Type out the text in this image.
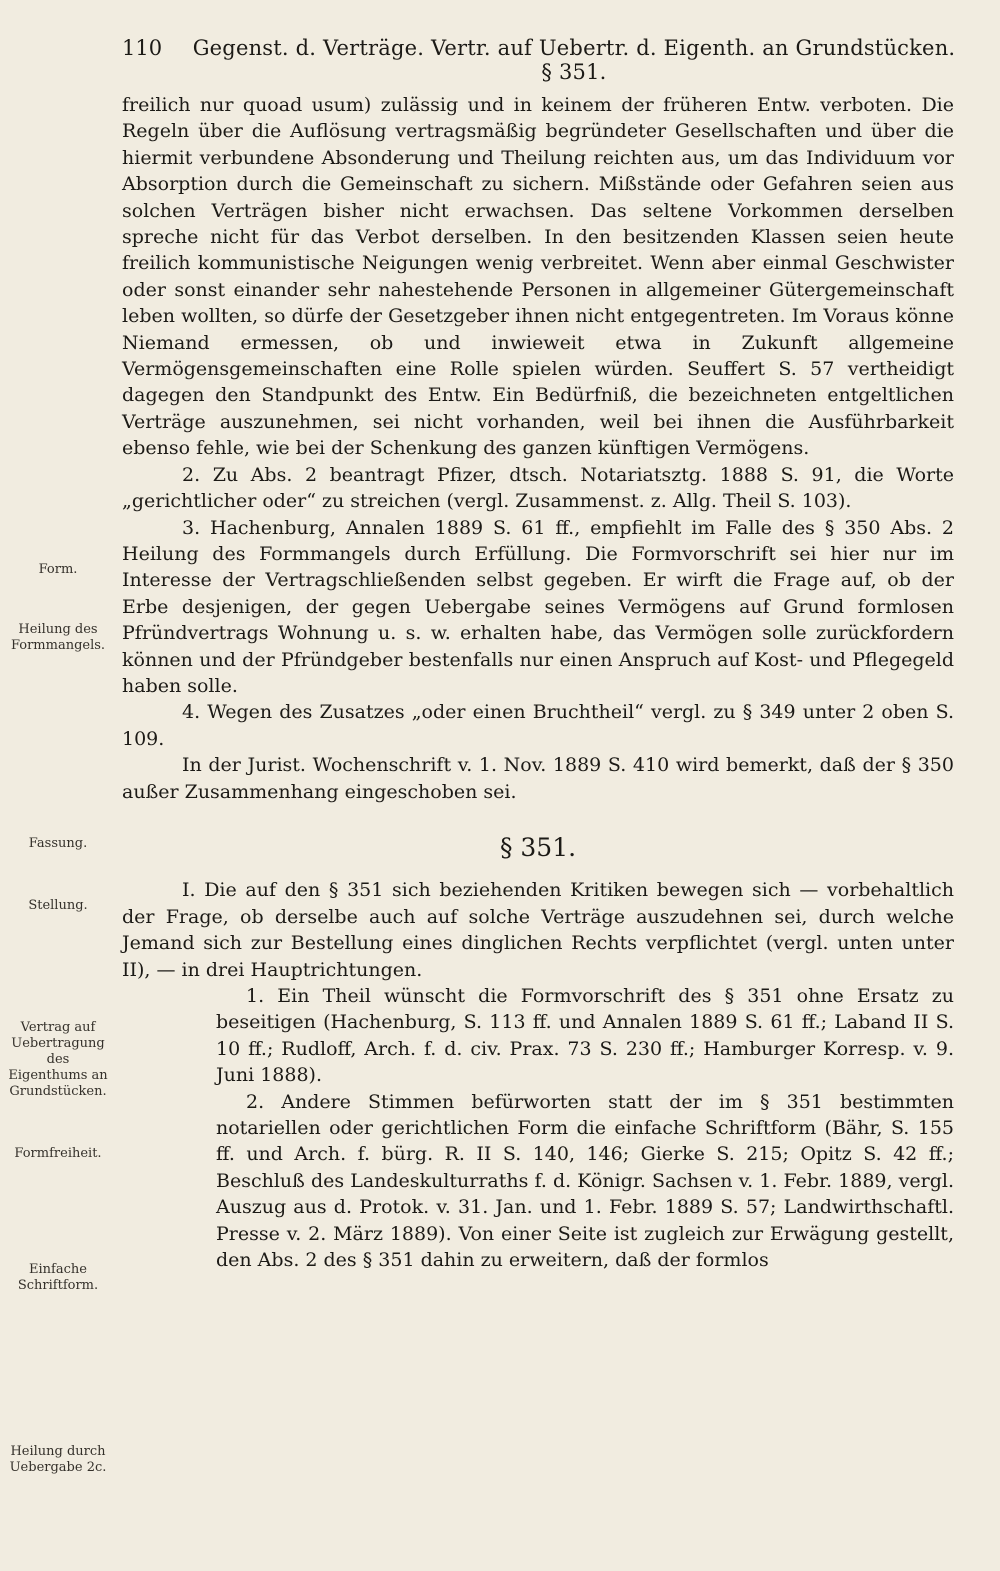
110	Gegenst. d. Verträge. Vertr. auf Uebertr. d. Eigenth. an Grundstücken. § 351.

freilich nur quoad usum) zulässig und in keinem der früheren Entw. verboten. Die Regeln über die Auflösung vertragsmäßig begründeter Gesellschaften und über die hiermit verbundene Absonderung und Theilung reichten aus, um das Individuum vor Absorption durch die Gemeinschaft zu sichern. Mißstände oder Gefahren seien aus solchen Verträgen bisher nicht erwachsen. Das seltene Vorkommen derselben spreche nicht für das Verbot derselben. In den besitzenden Klassen seien heute freilich kommunistische Neigungen wenig verbreitet. Wenn aber einmal Geschwister oder sonst einander sehr nahestehende Personen in allgemeiner Gütergemeinschaft leben wollten, so dürfe der Gesetzgeber ihnen nicht entgegentreten. Im Voraus könne Niemand ermessen, ob und inwieweit etwa in Zukunft allgemeine Vermögensgemeinschaften eine Rolle spielen würden. Seuffert S. 57 vertheidigt dagegen den Standpunkt des Entw. Ein Bedürfniß, die bezeichneten entgeltlichen Verträge auszunehmen, sei nicht vorhanden, weil bei ihnen die Ausführbarkeit ebenso fehle, wie bei der Schenkung des ganzen künftigen Vermögens.

2. Zu Abs. 2 beantragt Pfizer, dtsch. Notariatsztg. 1888 S. 91, die Worte „gerichtlicher oder“ zu streichen (vergl. Zusammenst. z. Allg. Theil S. 103).

3. Hachenburg, Annalen 1889 S. 61 ff., empfiehlt im Falle des § 350 Abs. 2 Heilung des Formmangels durch Erfüllung. Die Formvorschrift sei hier nur im Interesse der Vertragschließenden selbst gegeben. Er wirft die Frage auf, ob der Erbe desjenigen, der gegen Uebergabe seines Vermögens auf Grund formlosen Pfründvertrags Wohnung u. s. w. erhalten habe, das Vermögen solle zurückfordern können und der Pfründgeber bestenfalls nur einen Anspruch auf Kost- und Pflegegeld haben solle.

4. Wegen des Zusatzes „oder einen Bruchtheil“ vergl. zu § 349 unter 2 oben S. 109.

In der Jurist. Wochenschrift v. 1. Nov. 1889 S. 410 wird bemerkt, daß der § 350 außer Zusammenhang eingeschoben sei.

§ 351.

I. Die auf den § 351 sich beziehenden Kritiken bewegen sich — vorbehaltlich der Frage, ob derselbe auch auf solche Verträge auszudehnen sei, durch welche Jemand sich zur Bestellung eines dinglichen Rechts verpflichtet (vergl. unten unter II), — in drei Hauptrichtungen.

1. Ein Theil wünscht die Formvorschrift des § 351 ohne Ersatz zu beseitigen (Hachenburg, S. 113 ff. und Annalen 1889 S. 61 ff.; Laband II S. 10 ff.; Rudloff, Arch. f. d. civ. Prax. 73 S. 230 ff.; Hamburger Korresp. v. 9. Juni 1888).

2. Andere Stimmen befürworten statt der im § 351 bestimmten notariellen oder gerichtlichen Form die einfache Schriftform (Bähr, S. 155 ff. und Arch. f. bürg. R. II S. 140, 146; Gierke S. 215; Opitz S. 42 ff.; Beschluß des Landeskulturraths f. d. Königr. Sachsen v. 1. Febr. 1889, vergl. Auszug aus d. Protok. v. 31. Jan. und 1. Febr. 1889 S. 57; Landwirthschaftl. Presse v. 2. März 1889). Von einer Seite ist zugleich zur Erwägung gestellt, den Abs. 2 des § 351 dahin zu erweitern, daß der formlos

Form.
Heilung des Formmangels.
Fassung.
Stellung.
Vertrag auf Uebertragung des Eigenthums an Grundstücken.
Formfreiheit.
Einfache Schriftform.
Heilung durch Uebergabe 2c.
